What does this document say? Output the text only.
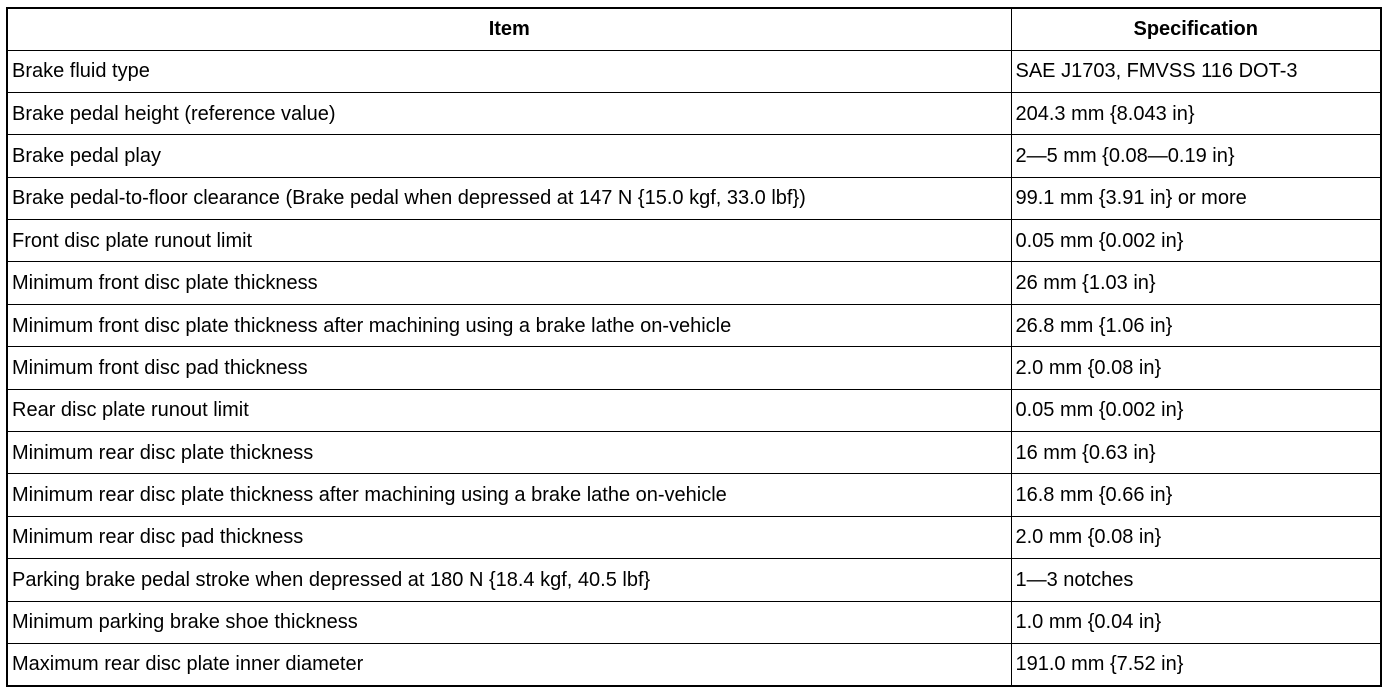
Item	Specification
Brake fluid type	SAE J1703, FMVSS 116 DOT-3
Brake pedal height (reference value)	204.3 mm {8.043 in}
Brake pedal play	2—5 mm {0.08—0.19 in}
Brake pedal-to-floor clearance (Brake pedal when depressed at 147 N {15.0 kgf, 33.0 lbf})	99.1 mm {3.91 in} or more
Front disc plate runout limit	0.05 mm {0.002 in}
Minimum front disc plate thickness	26 mm {1.03 in}
Minimum front disc plate thickness after machining using a brake lathe on-vehicle	26.8 mm {1.06 in}
Minimum front disc pad thickness	2.0 mm {0.08 in}
Rear disc plate runout limit	0.05 mm {0.002 in}
Minimum rear disc plate thickness	16 mm {0.63 in}
Minimum rear disc plate thickness after machining using a brake lathe on-vehicle	16.8 mm {0.66 in}
Minimum rear disc pad thickness	2.0 mm {0.08 in}
Parking brake pedal stroke when depressed at 180 N {18.4 kgf, 40.5 lbf}	1—3 notches
Minimum parking brake shoe thickness	1.0 mm {0.04 in}
Maximum rear disc plate inner diameter	191.0 mm {7.52 in}
